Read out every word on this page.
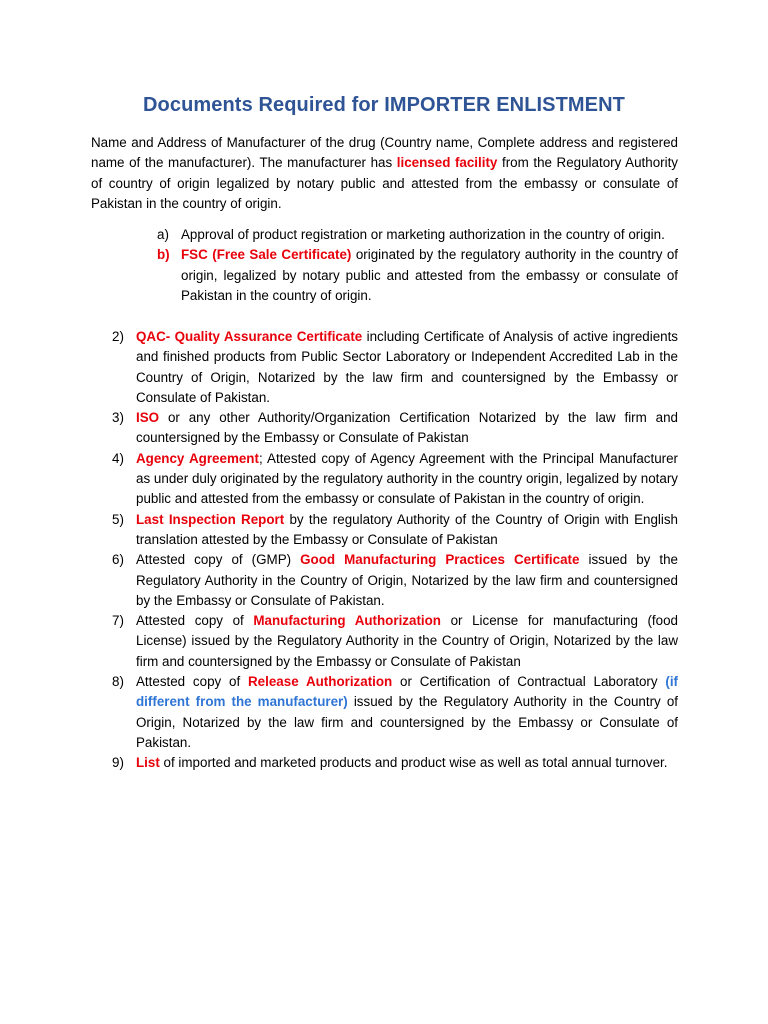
Documents Required for IMPORTER ENLISTMENT

Name and Address of Manufacturer of the drug (Country name, Complete address and registered name of the manufacturer). The manufacturer has licensed facility from the Regulatory Authority of country of origin legalized by notary public and attested from the embassy or consulate of Pakistan in the country of origin.

a) Approval of product registration or marketing authorization in the country of origin.
b) FSC (Free Sale Certificate) originated by the regulatory authority in the country of origin, legalized by notary public and attested from the embassy or consulate of Pakistan in the country of origin.
2) QAC- Quality Assurance Certificate including Certificate of Analysis of active ingredients and finished products from Public Sector Laboratory or Independent Accredited Lab in the Country of Origin, Notarized by the law firm and countersigned by the Embassy or Consulate of Pakistan.
3) ISO or any other Authority/Organization Certification Notarized by the law firm and countersigned by the Embassy or Consulate of Pakistan
4) Agency Agreement; Attested copy of Agency Agreement with the Principal Manufacturer as under duly originated by the regulatory authority in the country origin, legalized by notary public and attested from the embassy or consulate of Pakistan in the country of origin.
5) Last Inspection Report by the regulatory Authority of the Country of Origin with English translation attested by the Embassy or Consulate of Pakistan
6) Attested copy of (GMP) Good Manufacturing Practices Certificate issued by the Regulatory Authority in the Country of Origin, Notarized by the law firm and countersigned by the Embassy or Consulate of Pakistan.
7) Attested copy of Manufacturing Authorization or License for manufacturing (food License) issued by the Regulatory Authority in the Country of Origin, Notarized by the law firm and countersigned by the Embassy or Consulate of Pakistan
8) Attested copy of Release Authorization or Certification of Contractual Laboratory (if different from the manufacturer) issued by the Regulatory Authority in the Country of Origin, Notarized by the law firm and countersigned by the Embassy or Consulate of Pakistan.
9) List of imported and marketed products and product wise as well as total annual turnover.
